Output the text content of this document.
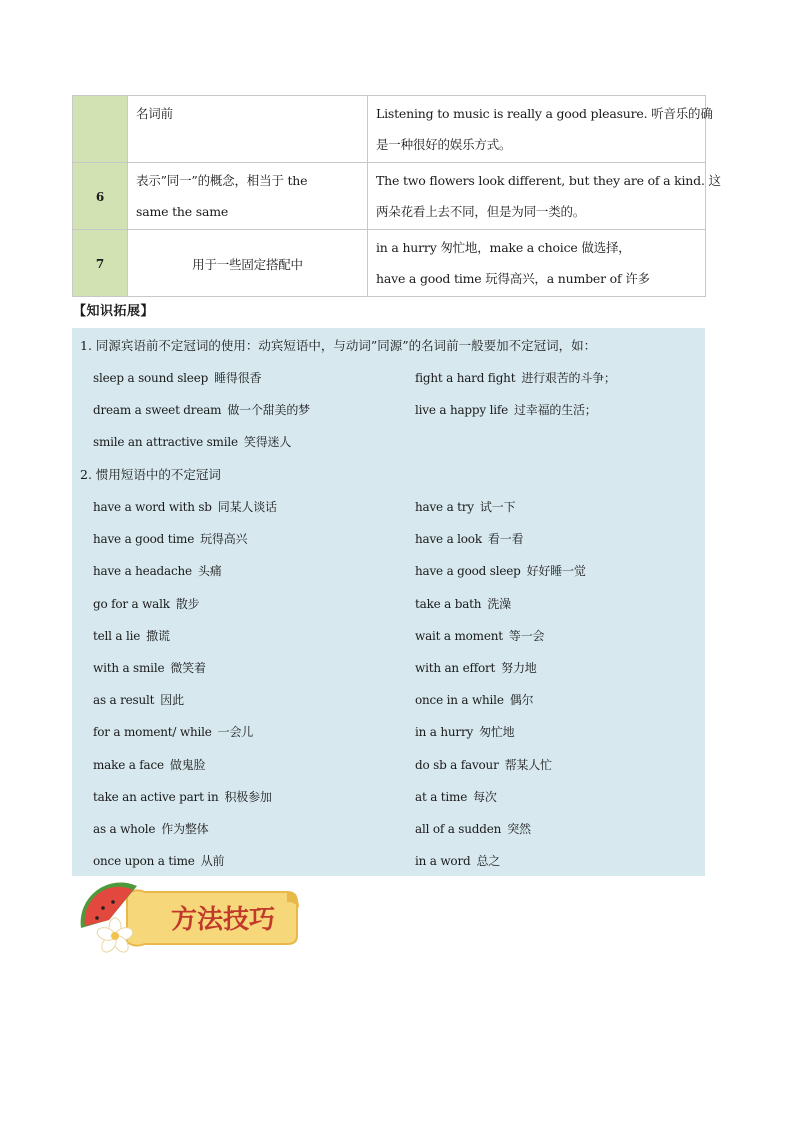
	名词前	Listening to music is really a good pleasure. 听音乐的确
是一种很好的娱乐方式。

6	表示”同一”的概念，相当于 the
same the same	The two flowers look different, but they are of a kind. 这
两朵花看上去不同，但是为同一类的。

7	用于一些固定搭配中	in a hurry 匆忙地，make a choice 做选择，
have a good time 玩得高兴，a number of 许多
【知识拓展】
1. 同源宾语前不定冠词的使用：动宾短语中，与动词”同源”的名词前一般要加不定冠词，如：
sleep a sound sleep 睡得很香	fight a hard fight 进行艰苦的斗争；
dream a sweet dream 做一个甜美的梦	live a happy life 过幸福的生活；
smile an attractive smile 笑得迷人
2. 惯用短语中的不定冠词
have a word with sb 同某人谈话	have a try 试一下
have a good time 玩得高兴	have a look 看一看
have a headache 头痛	have a good sleep 好好睡一觉
go for a walk 散步	take a bath 洗澡
tell a lie 撒谎	wait a moment 等一会
with a smile 微笑着	with an effort 努力地
as a result 因此	once in a while 偶尔
for a moment/ while 一会儿	in a hurry 匆忙地
make a face 做鬼脸	do sb a favour 帮某人忙
take an active part in 积极参加	at a time 每次
as a whole 作为整体	all of a sudden 突然
once upon a time 从前	in a word 总之
方法技巧
